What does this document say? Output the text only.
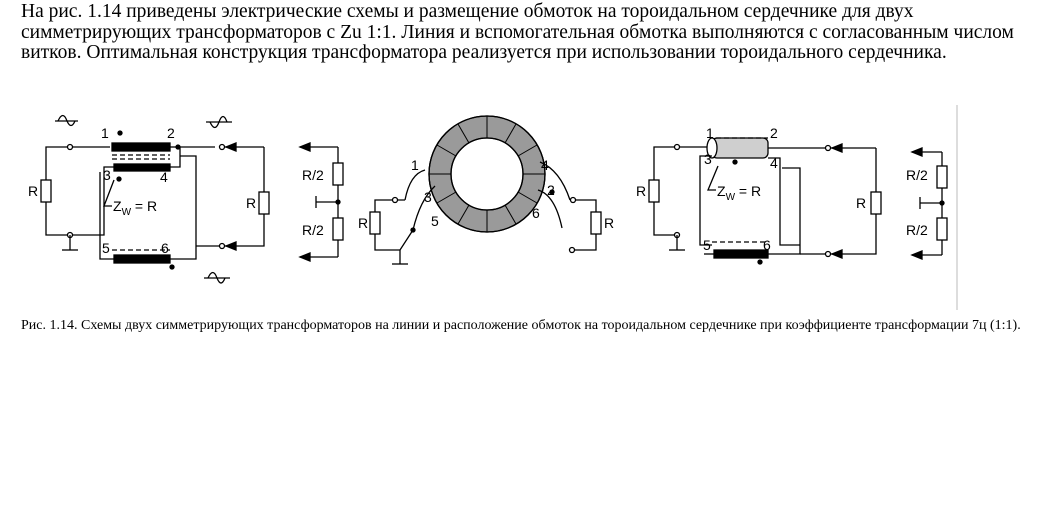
На рис. 1.14 приведены электрические схемы и размещение обмоток на тороидальном сердечнике для двух симметрирующих трансформаторов с Zu 1:1. Линия и вспомогательная обмотка выполняются с согласованным числом витков. Оптимальная конструкция трансформатора реализуется при использовании тороидального сердечника.

1	2
3	4
5	6
$Z_W = R$
R
R
R/2
R/2
1
2
3
4
5	6
R	R
1	2
3	4
5	6
$Z_W = R$
R
R
R/2
R/2

Рис. 1.14. Схемы двух симметрирующих трансформаторов на линии и расположение обмоток на тороидальном сердечнике при коэффициенте трансформации 7ц (1:1).
